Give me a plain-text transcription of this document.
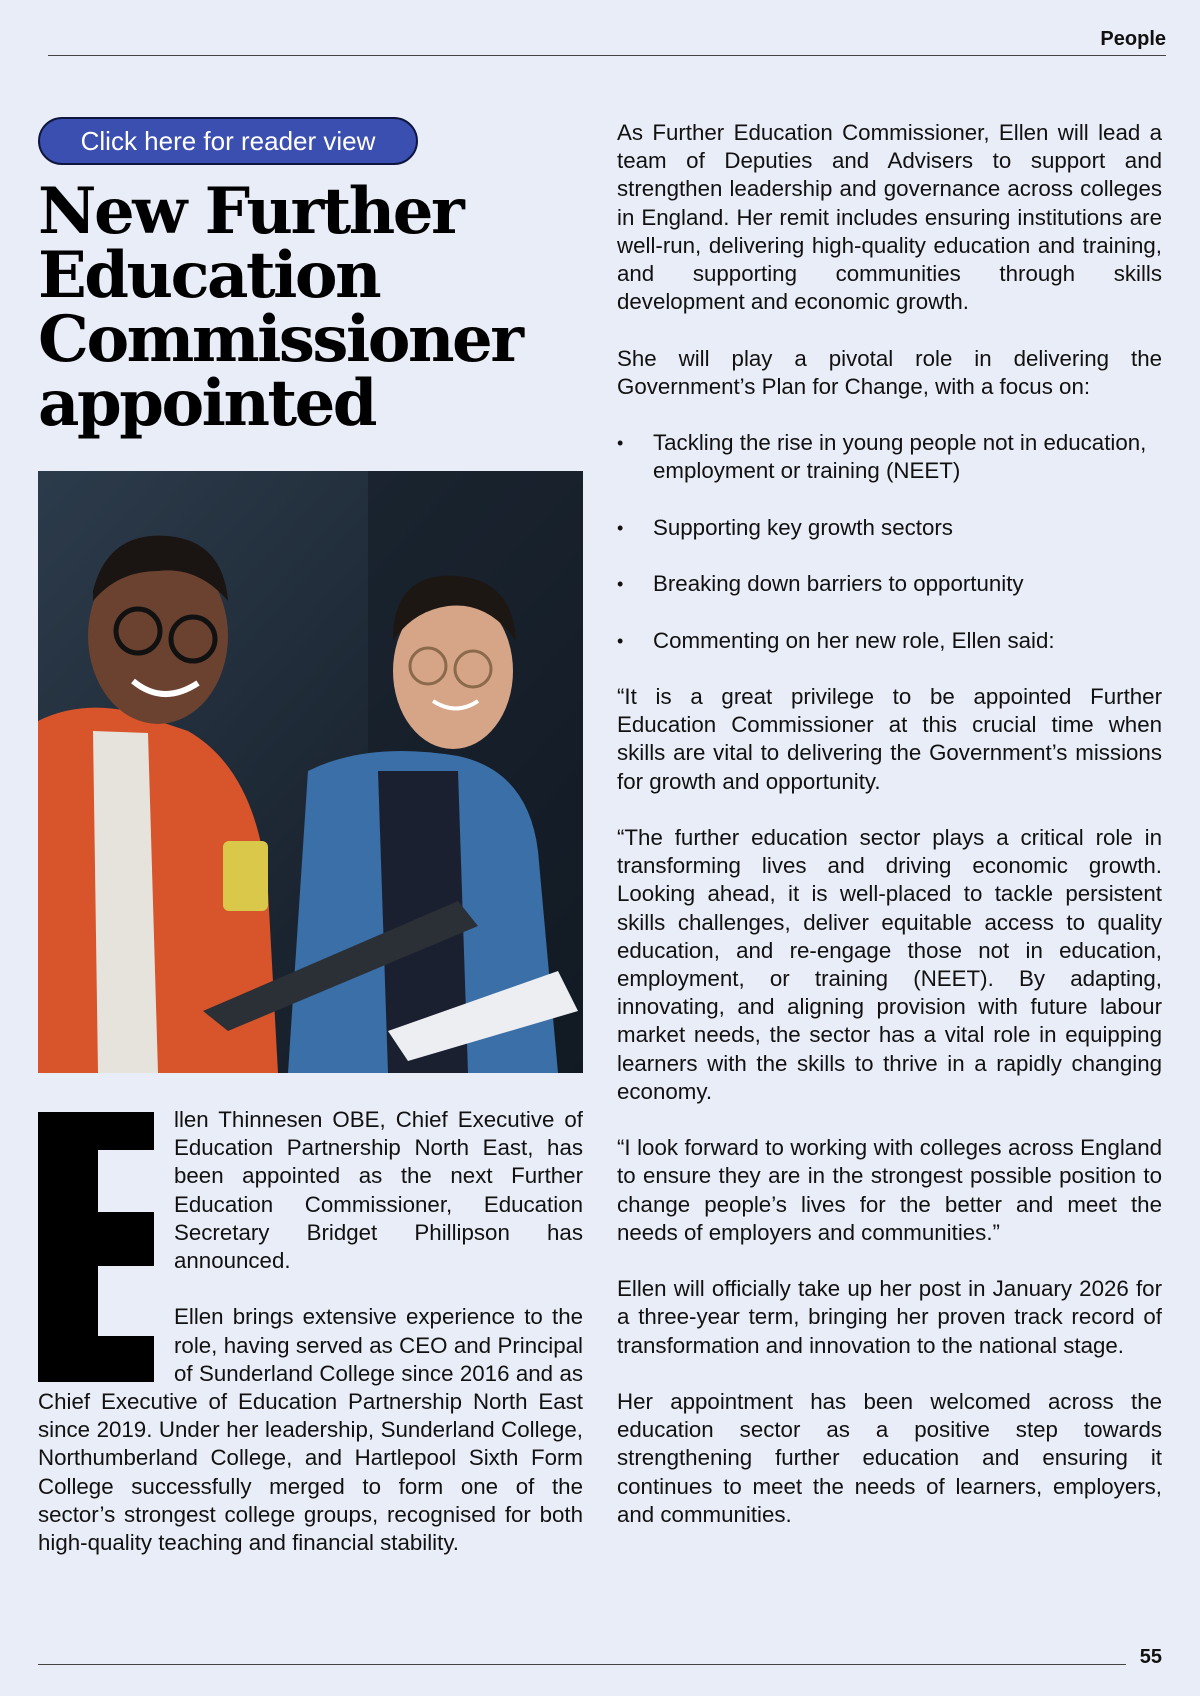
People
Click here for reader view
New Further
Education
Commissioner
appointed

llen Thinnesen OBE, Chief Executive of Education Partnership North East, has been appointed as the next Further Education Commissioner, Education Secretary Bridget Phillipson has announced.

Ellen brings extensive experience to the role, having served as CEO and Principal of Sunderland College since 2016 and as Chief Executive of Education Partnership North East since 2019. Under her leadership, Sunderland College, Northumberland College, and Hartlepool Sixth Form College successfully merged to form one of the sector’s strongest college groups, recognised for both high-quality teaching and financial stability.

As Further Education Commissioner, Ellen will lead a team of Deputies and Advisers to support and strengthen leadership and governance across colleges in England. Her remit includes ensuring institutions are well-run, delivering high-quality education and training, and supporting communities through skills development and economic growth.

She will play a pivotal role in delivering the Government’s Plan for Change, with a focus on:

• Tackling the rise in young people not in education, employment or training (NEET)
• Supporting key growth sectors
• Breaking down barriers to opportunity
• Commenting on her new role, Ellen said:

“It is a great privilege to be appointed Further Education Commissioner at this crucial time when skills are vital to delivering the Government’s missions for growth and opportunity.

“The further education sector plays a critical role in transforming lives and driving economic growth. Looking ahead, it is well-placed to tackle persistent skills challenges, deliver equitable access to quality education, and re-engage those not in education, employment, or training (NEET). By adapting, innovating, and aligning provision with future labour market needs, the sector has a vital role in equipping learners with the skills to thrive in a rapidly changing economy.

“I look forward to working with colleges across England to ensure they are in the strongest possible position to change people’s lives for the better and meet the needs of employers and communities.”

Ellen will officially take up her post in January 2026 for a three-year term, bringing her proven track record of transformation and innovation to the national stage.

Her appointment has been welcomed across the education sector as a positive step towards strengthening further education and ensuring it continues to meet the needs of learners, employers, and communities.

55
